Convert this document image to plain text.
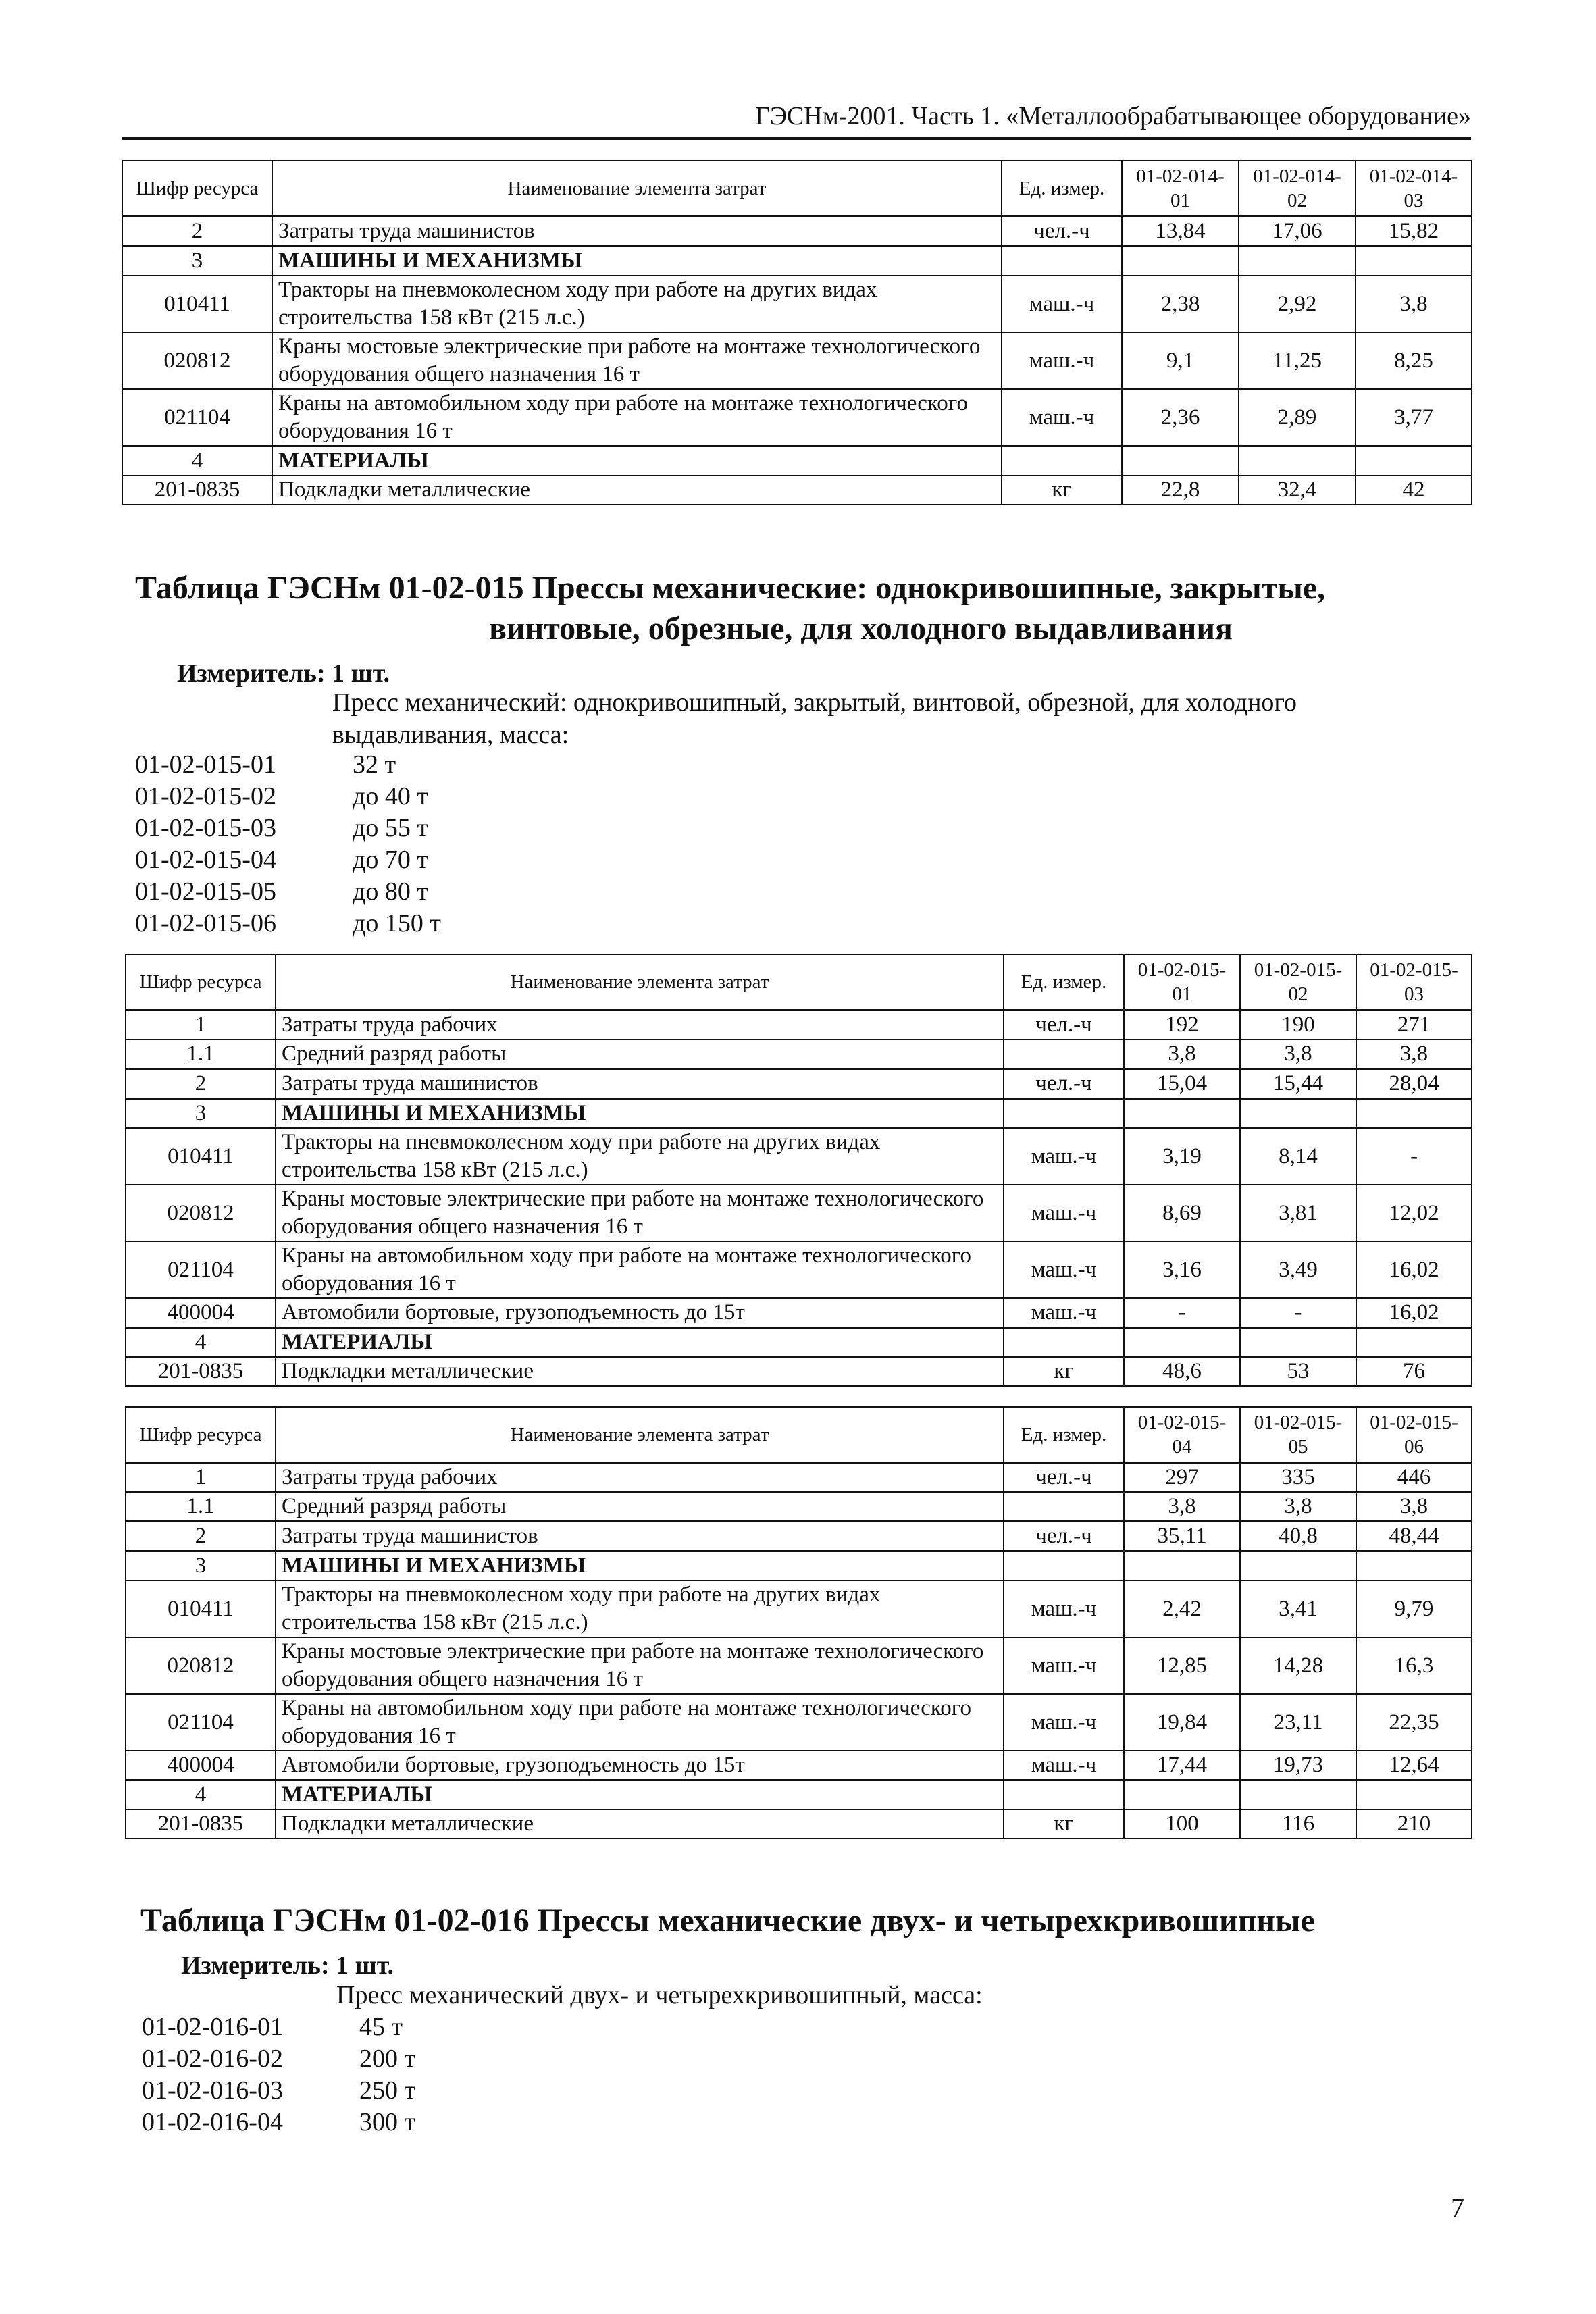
ГЭСНм-2001. Часть 1. «Металлообрабатывающее оборудование»
Шифр ресурса	Наименование элемента затрат	Ед. измер.	01-02-014-01	01-02-014-02	01-02-014-03
2	Затраты труда машинистов	чел.-ч	13,84	17,06	15,82
3	МАШИНЫ И МЕХАНИЗМЫ				
010411	Тракторы на пневмоколесном ходу при работе на других видах строительства 158 кВт (215 л.с.)	маш.-ч	2,38	2,92	3,8
020812	Краны мостовые электрические при работе на монтаже технологического оборудования общего назначения 16 т	маш.-ч	9,1	11,25	8,25
021104	Краны на автомобильном ходу при работе на монтаже технологического оборудования 16 т	маш.-ч	2,36	2,89	3,77
4	МАТЕРИАЛЫ				
201-0835	Подкладки металлические	кг	22,8	32,4	42
Таблица ГЭСНм 01-02-015 Прессы механические: однокривошипные, закрытые,
винтовые, обрезные, для холодного выдавливания
Измеритель: 1 шт.
Пресс механический: однокривошипный, закрытый, винтовой, обрезной, для холодного выдавливания, масса:
01-02-015-01	32 т
01-02-015-02	до 40 т
01-02-015-03	до 55 т
01-02-015-04	до 70 т
01-02-015-05	до 80 т
01-02-015-06	до 150 т
Шифр ресурса	Наименование элемента затрат	Ед. измер.	01-02-015-01	01-02-015-02	01-02-015-03
1	Затраты труда рабочих	чел.-ч	192	190	271
1.1	Средний разряд работы		3,8	3,8	3,8
2	Затраты труда машинистов	чел.-ч	15,04	15,44	28,04
3	МАШИНЫ И МЕХАНИЗМЫ				
010411	Тракторы на пневмоколесном ходу при работе на других видах строительства 158 кВт (215 л.с.)	маш.-ч	3,19	8,14	-
020812	Краны мостовые электрические при работе на монтаже технологического оборудования общего назначения 16 т	маш.-ч	8,69	3,81	12,02
021104	Краны на автомобильном ходу при работе на монтаже технологического оборудования 16 т	маш.-ч	3,16	3,49	16,02
400004	Автомобили бортовые, грузоподъемность до 15т	маш.-ч	-	-	16,02
4	МАТЕРИАЛЫ				
201-0835	Подкладки металлические	кг	48,6	53	76
Шифр ресурса	Наименование элемента затрат	Ед. измер.	01-02-015-04	01-02-015-05	01-02-015-06
1	Затраты труда рабочих	чел.-ч	297	335	446
1.1	Средний разряд работы		3,8	3,8	3,8
2	Затраты труда машинистов	чел.-ч	35,11	40,8	48,44
3	МАШИНЫ И МЕХАНИЗМЫ				
010411	Тракторы на пневмоколесном ходу при работе на других видах строительства 158 кВт (215 л.с.)	маш.-ч	2,42	3,41	9,79
020812	Краны мостовые электрические при работе на монтаже технологического оборудования общего назначения 16 т	маш.-ч	12,85	14,28	16,3
021104	Краны на автомобильном ходу при работе на монтаже технологического оборудования 16 т	маш.-ч	19,84	23,11	22,35
400004	Автомобили бортовые, грузоподъемность до 15т	маш.-ч	17,44	19,73	12,64
4	МАТЕРИАЛЫ				
201-0835	Подкладки металлические	кг	100	116	210
Таблица ГЭСНм 01-02-016 Прессы механические двух- и четырехкривошипные
Измеритель: 1 шт.
Пресс механический двух- и четырехкривошипный, масса:
01-02-016-01	45 т
01-02-016-02	200 т
01-02-016-03	250 т
01-02-016-04	300 т
7
